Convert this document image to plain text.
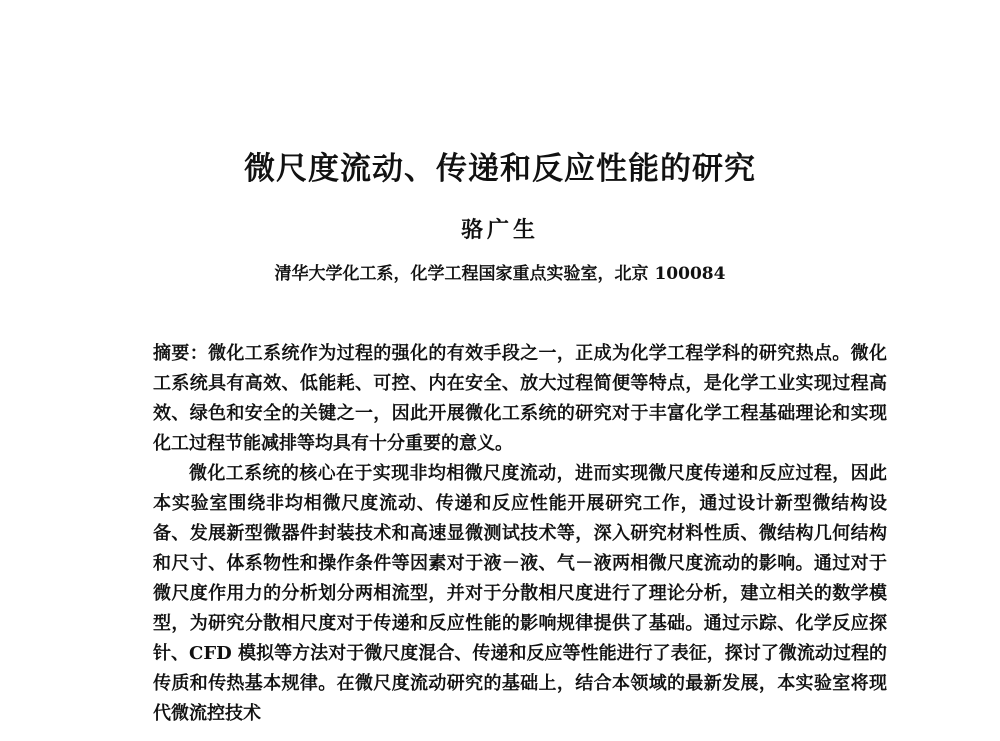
微尺度流动、传递和反应性能的研究
骆广生
清华大学化工系，化学工程国家重点实验室，北京 100084

摘要：微化工系统作为过程的强化的有效手段之一，正成为化学工程学科的研究热点。微化工系统具有高效、低能耗、可控、内在安全、放大过程简便等特点，是化学工业实现过程高效、绿色和安全的关键之一，因此开展微化工系统的研究对于丰富化学工程基础理论和实现化工过程节能减排等均具有十分重要的意义。

微化工系统的核心在于实现非均相微尺度流动，进而实现微尺度传递和反应过程，因此本实验室围绕非均相微尺度流动、传递和反应性能开展研究工作，通过设计新型微结构设备、发展新型微器件封装技术和高速显微测试技术等，深入研究材料性质、微结构几何结构和尺寸、体系物性和操作条件等因素对于液－液、气－液两相微尺度流动的影响。通过对于微尺度作用力的分析划分两相流型，并对于分散相尺度进行了理论分析，建立相关的数学模型，为研究分散相尺度对于传递和反应性能的影响规律提供了基础。通过示踪、化学反应探针、CFD 模拟等方法对于微尺度混合、传递和反应等性能进行了表征，探讨了微流动过程的传质和传热基本规律。在微尺度流动研究的基础上，结合本领域的最新发展，本实验室将现代微流控技术
